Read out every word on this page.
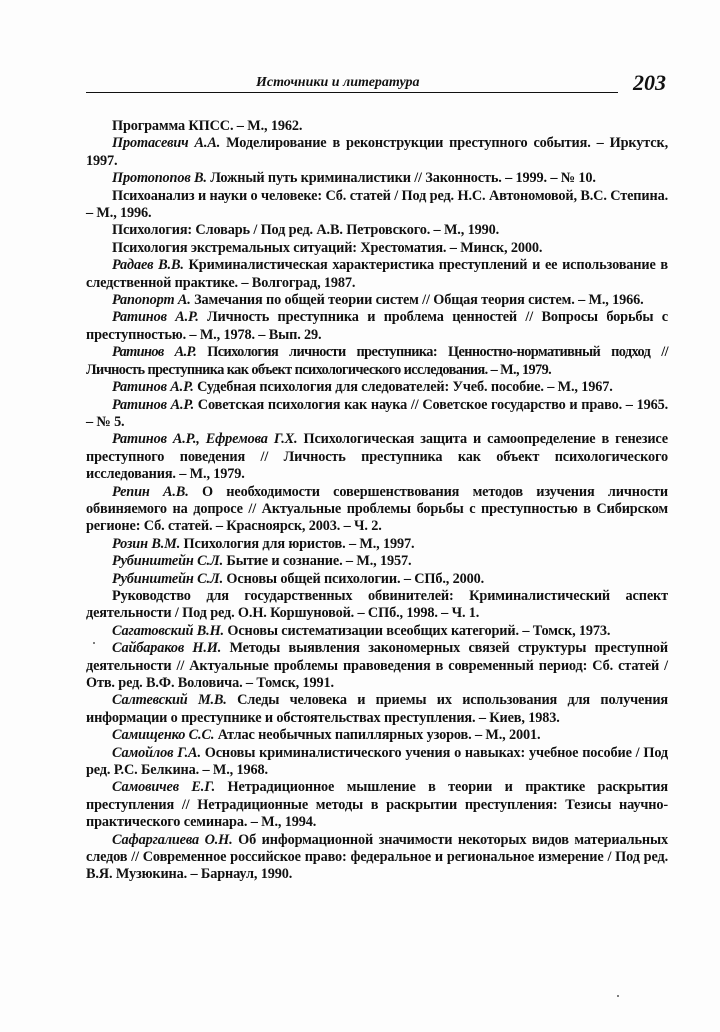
Источники и литература	203

Программа КПСС. – М., 1962.

Протасевич А.А. Моделирование в реконструкции преступного события. – Иркутск, 1997.

Протопопов В. Ложный путь криминалистики // Законность. – 1999. – № 10.

Психоанализ и науки о человеке: Сб. статей / Под ред. Н.С. Автономовой, В.С. Степина. – М., 1996.

Психология: Словарь / Под ред. А.В. Петровского. – М., 1990.

Психология экстремальных ситуаций: Хрестоматия. – Минск, 2000.

Радаев В.В. Криминалистическая характеристика преступлений и ее использование в следственной практике. – Волгоград, 1987.

Рапопорт А. Замечания по общей теории систем // Общая теория систем. – М., 1966.

Ратинов А.Р. Личность преступника и проблема ценностей // Вопросы борьбы с преступностью. – М., 1978. – Вып. 29.

Ратинов А.Р. Психология личности преступника: Ценностно-нормативный подход // Личность преступника как объект психологического исследования. – М., 1979.

Ратинов А.Р. Судебная психология для следователей: Учеб. пособие. – М., 1967.

Ратинов А.Р. Советская психология как наука // Советское государство и право. – 1965. – № 5.

Ратинов А.Р., Ефремова Г.Х. Психологическая защита и самоопределение в генезисе преступного поведения // Личность преступника как объект психологического исследования. – М., 1979.

Репин А.В. О необходимости совершенствования методов изучения личности обвиняемого на допросе // Актуальные проблемы борьбы с преступностью в Сибирском регионе: Сб. статей. – Красноярск, 2003. – Ч. 2.

Розин В.М. Психология для юристов. – М., 1997.

Рубинштейн С.Л. Бытие и сознание. – М., 1957.

Рубинштейн С.Л. Основы общей психологии. – СПб., 2000.

Руководство для государственных обвинителей: Криминалистический аспект деятельности / Под ред. О.Н. Коршуновой. – СПб., 1998. – Ч. 1.

Сагатовский В.Н. Основы систематизации всеобщих категорий. – Томск, 1973.

Сайбараков Н.И. Методы выявления закономерных связей структуры преступной деятельности // Актуальные проблемы правоведения в современный период: Сб. статей / Отв. ред. В.Ф. Воловича. – Томск, 1991.

Салтевский М.В. Следы человека и приемы их использования для получения информации о преступнике и обстоятельствах преступления. – Киев, 1983.

Самищенко С.С. Атлас необычных папиллярных узоров. – М., 2001.

Самойлов Г.А. Основы криминалистического учения о навыках: учебное пособие / Под ред. Р.С. Белкина. – М., 1968.

Самовичев Е.Г. Нетрадиционное мышление в теории и практике раскрытия преступления // Нетрадиционные методы в раскрытии преступления: Тезисы научно-практического семинара. – М., 1994.

Сафаргалиева О.Н. Об информационной значимости некоторых видов материальных следов // Современное российское право: федеральное и региональное измерение / Под ред. В.Я. Музюкина. – Барнаул, 1990.
